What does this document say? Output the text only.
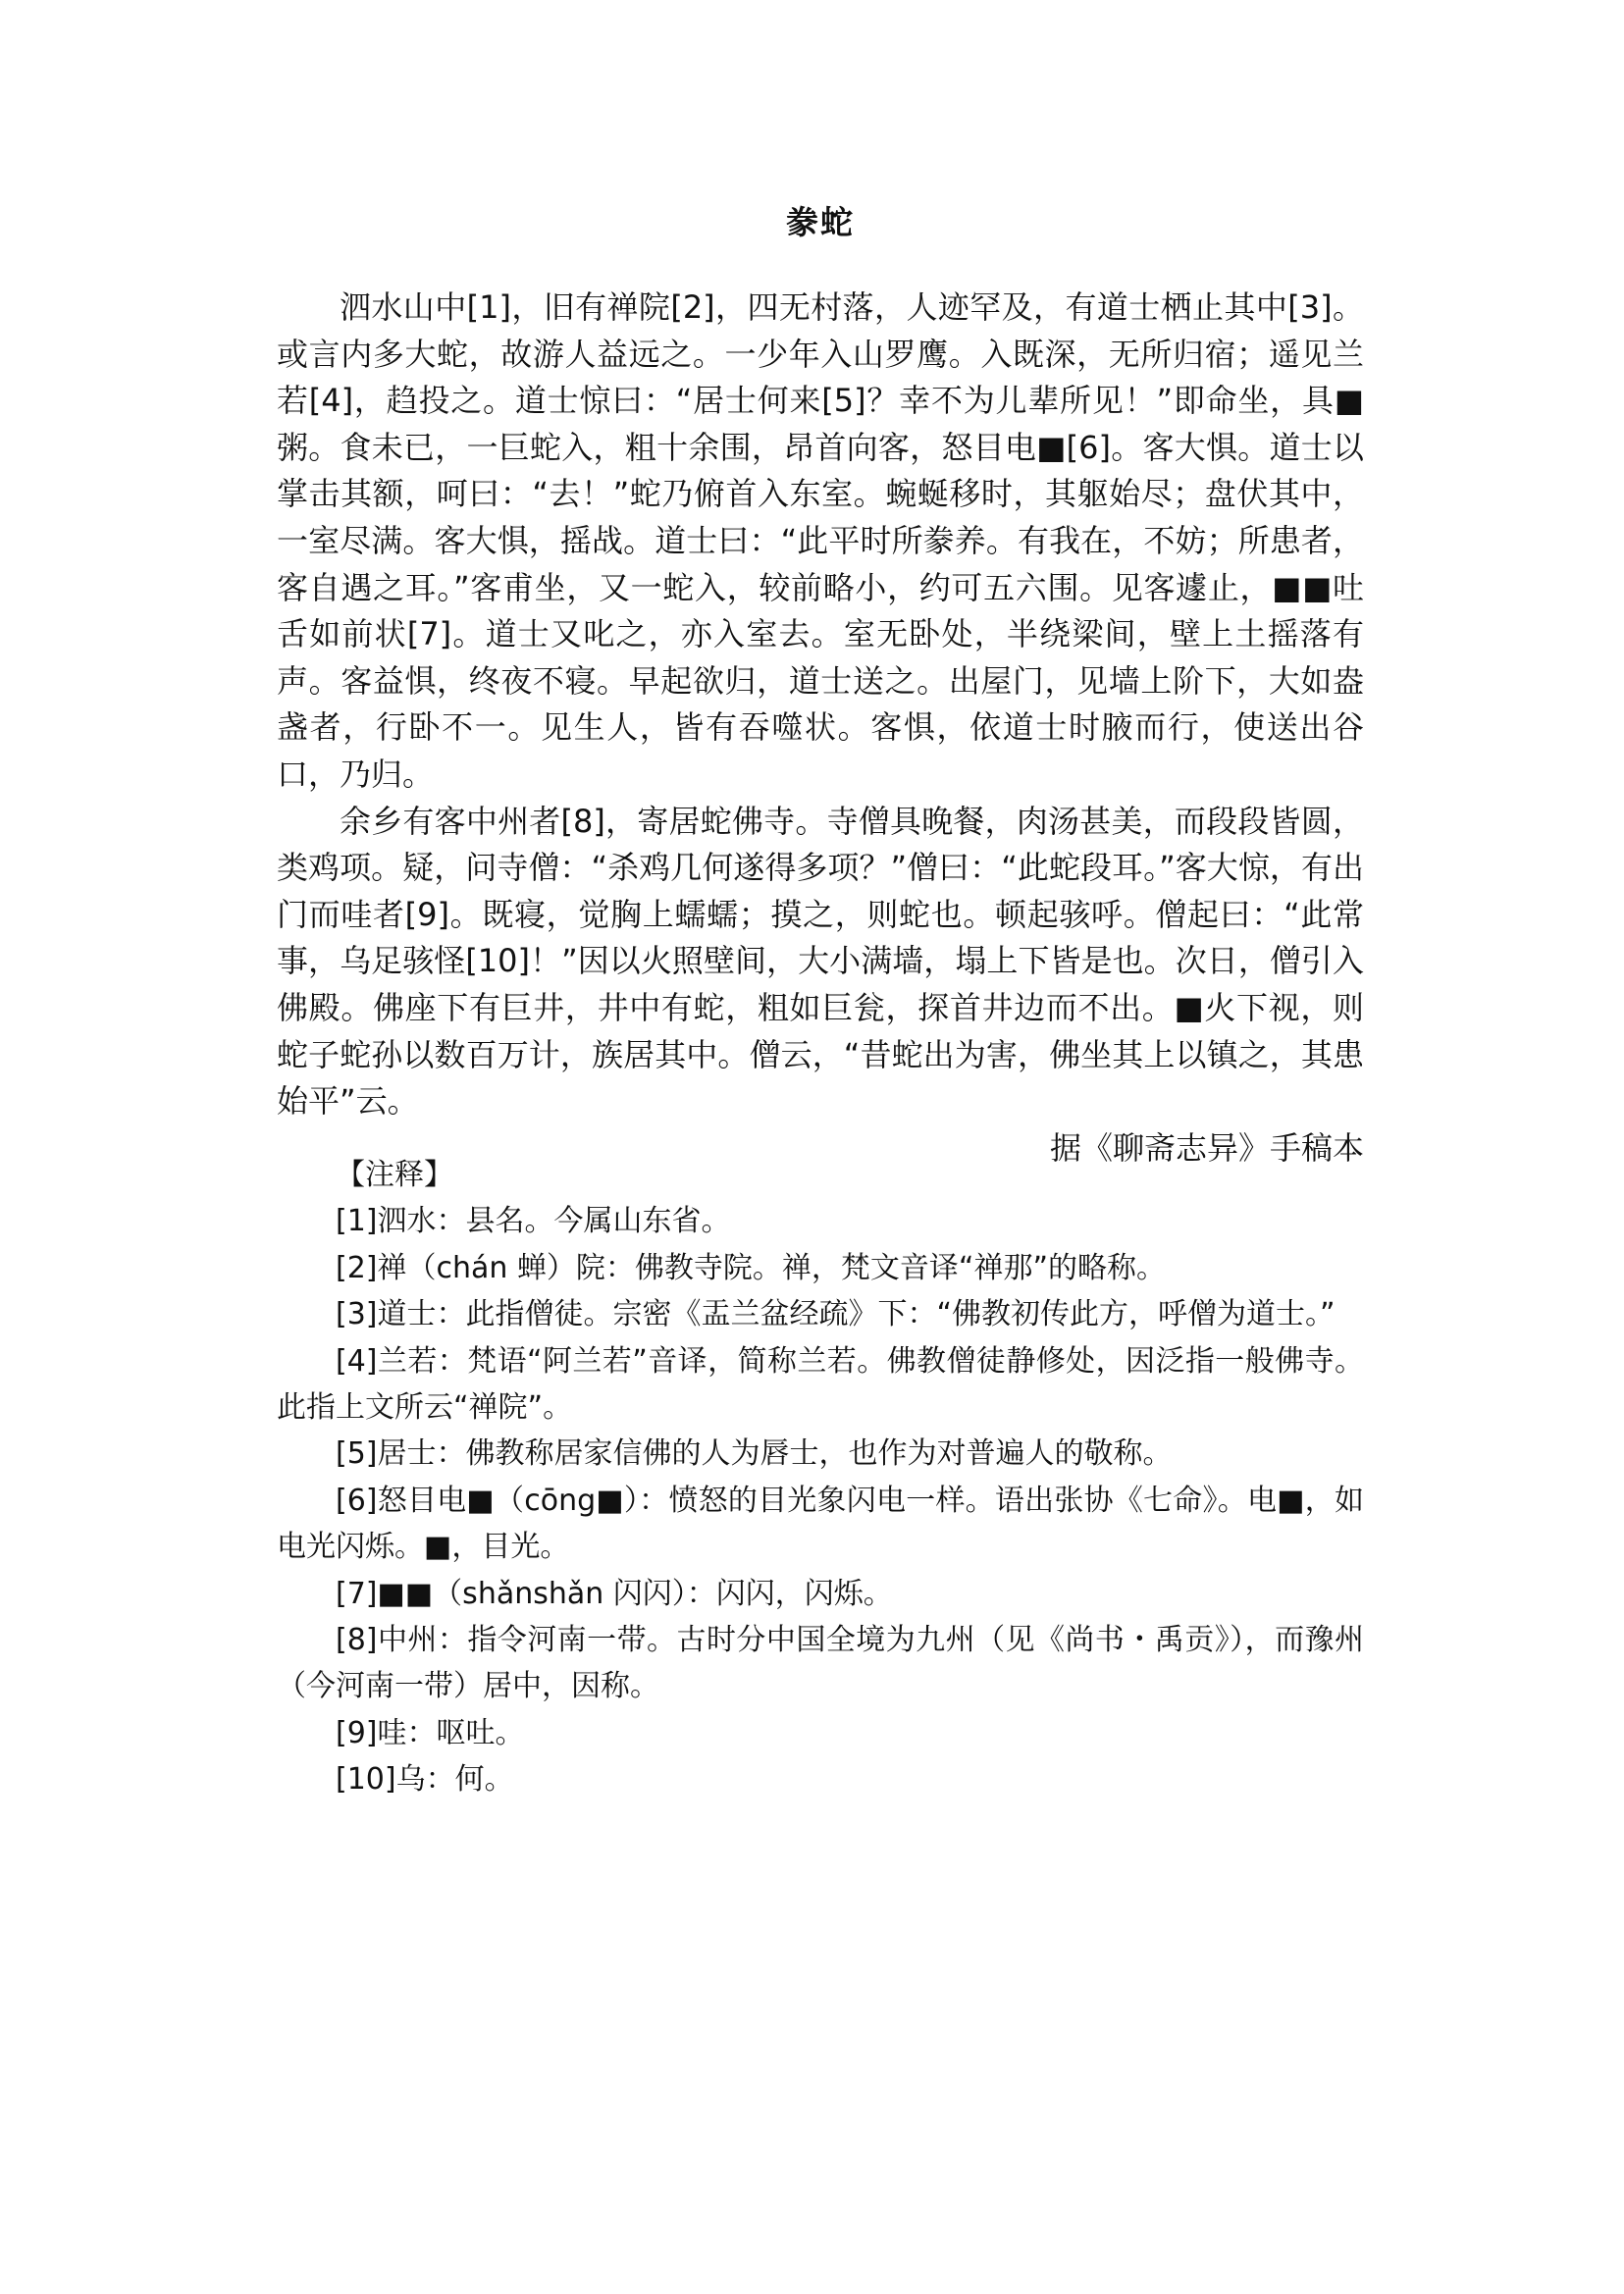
豢蛇

泗水山中[1]，旧有禅院[2]，四无村落，人迹罕及，有道士栖止其中[3]。或言内多大蛇，故游人益远之。一少年入山罗鹰。入既深，无所归宿；遥见兰若[4]，趋投之。道士惊曰：“居士何来[5]？幸不为儿辈所见！”即命坐，具■粥。食未已，一巨蛇入，粗十余围，昂首向客，怒目电■[6]。客大惧。道士以掌击其额，呵曰：“去！”蛇乃俯首入东室。蜿蜒移时，其躯始尽；盘伏其中，一室尽满。客大惧，摇战。道士曰：“此平时所豢养。有我在，不妨；所患者，客自遇之耳。”客甫坐，又一蛇入，较前略小，约可五六围。见客遽止，■■吐舌如前状[7]。道士又叱之，亦入室去。室无卧处，半绕梁间，壁上土摇落有声。客益惧，终夜不寝。早起欲归，道士送之。出屋门，见墙上阶下，大如盎盏者，行卧不一。见生人，皆有吞噬状。客惧，依道士时腋而行，使送出谷口，乃归。

余乡有客中州者[8]，寄居蛇佛寺。寺僧具晚餐，肉汤甚美，而段段皆圆，类鸡项。疑，问寺僧：“杀鸡几何遂得多项？”僧曰：“此蛇段耳。”客大惊，有出门而哇者[9]。既寝，觉胸上蠕蠕；摸之，则蛇也。顿起骇呼。僧起曰：“此常事，乌足骇怪[10]！”因以火照壁间，大小满墙，塌上下皆是也。次日，僧引入佛殿。佛座下有巨井，井中有蛇，粗如巨瓮，探首井边而不出。■火下视，则蛇子蛇孙以数百万计，族居其中。僧云，“昔蛇出为害，佛坐其上以镇之，其患始平”云。

据《聊斋志异》手稿本

【注释】

[1]泗水：县名。今属山东省。

[2]禅（chán 蝉）院：佛教寺院。禅，梵文音译“禅那”的略称。

[3]道士：此指僧徒。宗密《盂兰盆经疏》下：“佛教初传此方，呼僧为道士。”

[4]兰若：梵语“阿兰若”音译，简称兰若。佛教僧徒静修处，因泛指一般佛寺。此指上文所云“禅院”。

[5]居士：佛教称居家信佛的人为唇士，也作为对普遍人的敬称。

[6]怒目电■（cōng■）：愤怒的目光象闪电一样。语出张协《七命》。电■，如电光闪烁。■，目光。

[7]■■（shǎnshǎn 闪闪）：闪闪，闪烁。

[8]中州：指令河南一带。古时分中国全境为九州（见《尚书・禹贡》），而豫州（今河南一带）居中，因称。

[9]哇：呕吐。

[10]乌：何。
